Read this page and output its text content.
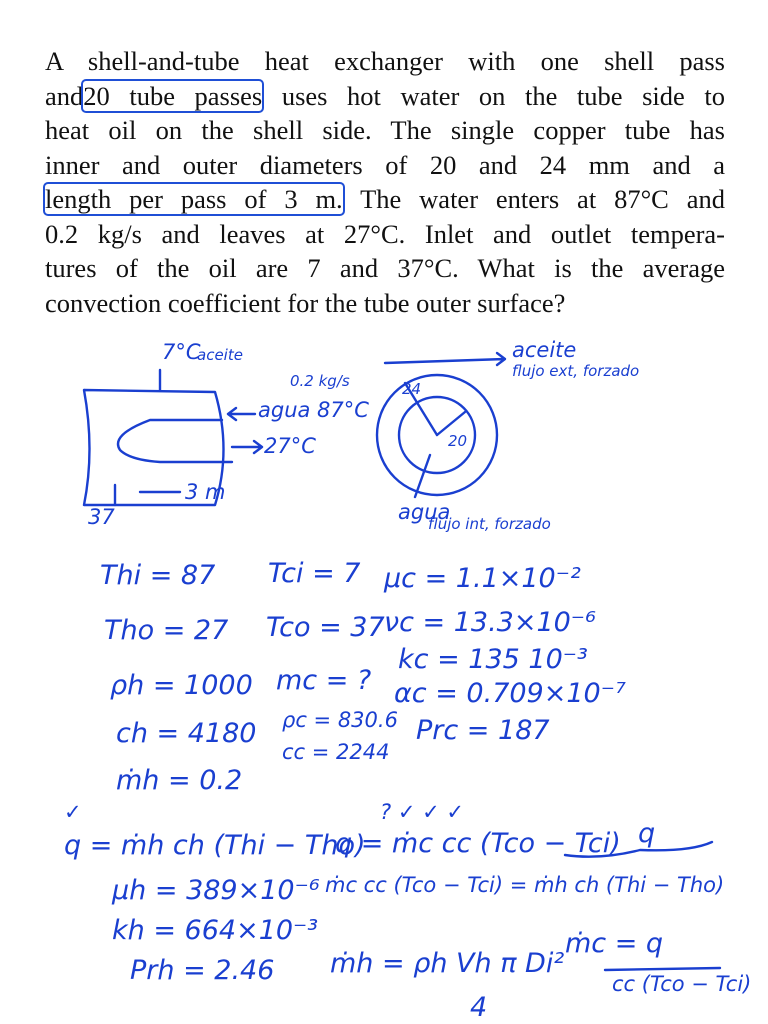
A shell-and-tube heat exchanger with one shell pass
and20 tube passes uses hot water on the tube side to
heat oil on the shell side. The single copper tube has
inner and outer diameters of 20 and 24 mm and a
length per pass of 3 m. The water enters at 87°C and
0.2 kg/s and leaves at 27°C. Inlet and outlet tempera-
tures of the oil are 7 and 37°C. What is the average
convection coefficient for the tube outer surface?
7°C
aceite
0.2 kg/s
agua 87°C
27°C
37
3 m
aceite
flujo ext, forzado
24
20
agua
flujo int, forzado
Thi = 87
Tho = 27
ρh = 1000
ch = 4180
ṁh = 0.2
Tci = 7
Tco = 37
mc = ?
ρc = 830.6
cc = 2244
μc = 1.1×10⁻²
νc = 13.3×10⁻⁶
kc = 135 10⁻³
αc = 0.709×10⁻⁷
Prc = 187
✓
q = ṁh ch (Thi − Tho)
μh = 389×10⁻⁶
kh = 664×10⁻³
Prh = 2.46
? ✓ ✓ ✓
q = ṁc cc (Tco − Tci) q
ṁc cc (Tco − Tci) = ṁh ch (Thi − Tho)
ṁh = ρh Vh π Di²
4
ṁc = q
cc (Tco − Tci)
